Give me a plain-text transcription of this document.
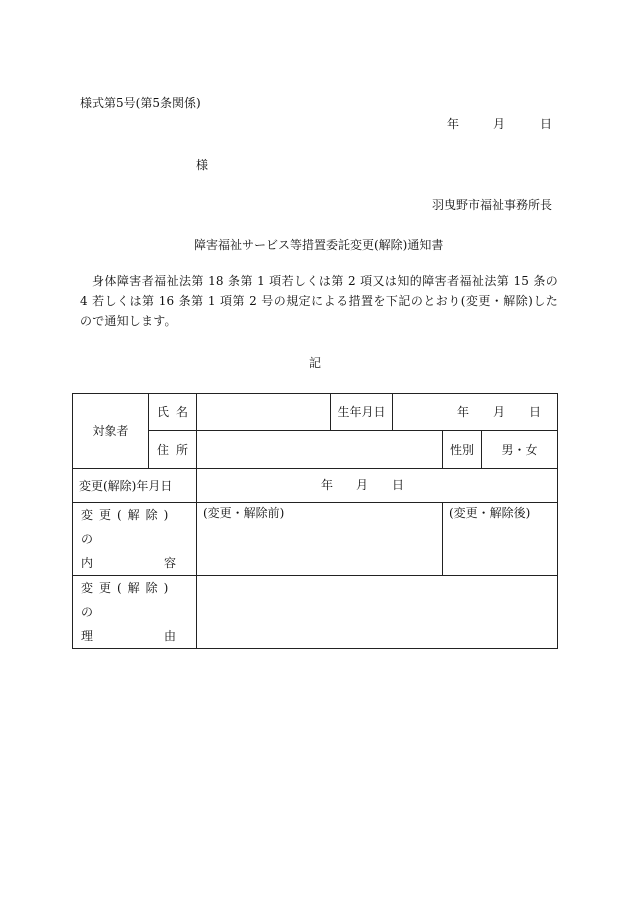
様式第5号(第5条関係)
年	月	日
様
羽曳野市福祉事務所長
障害福祉サービス等措置委託変更(解除)通知書
身体障害者福祉法第 18 条第 1 項若しくは第 2 項又は知的障害者福祉法第 15 条の 4 若しくは第 16 条第 1 項第 2 号の規定による措置を下記のとおり(変更・解除)したので通知します。
記
対象者	氏 名		生年月日	年 月 日		

	住 所				性別	男・女
変更(解除)年月日		年 月 日				

変更(解除)の
内 容		(変更・解除前)			(変更・解除後)	

変更(解除)の
理 由						
